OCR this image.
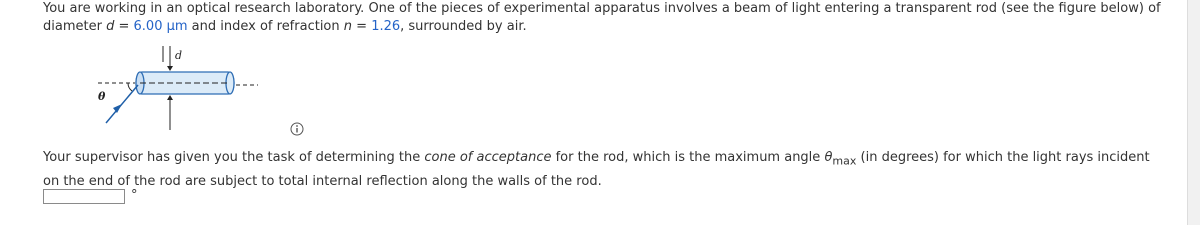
You are working in an optical research laboratory. One of the pieces of experimental apparatus involves a beam of light entering a transparent rod (see the figure below) of diameter d = 6.00 μm and index of refraction n = 1.26, surrounded by air.
d
θ
Your supervisor has given you the task of determining the cone of acceptance for the rod, which is the maximum angle $\theta_{max}$ (in degrees) for which the light rays incident on the end of the rod are subject to total internal reflection along the walls of the rod.
°
